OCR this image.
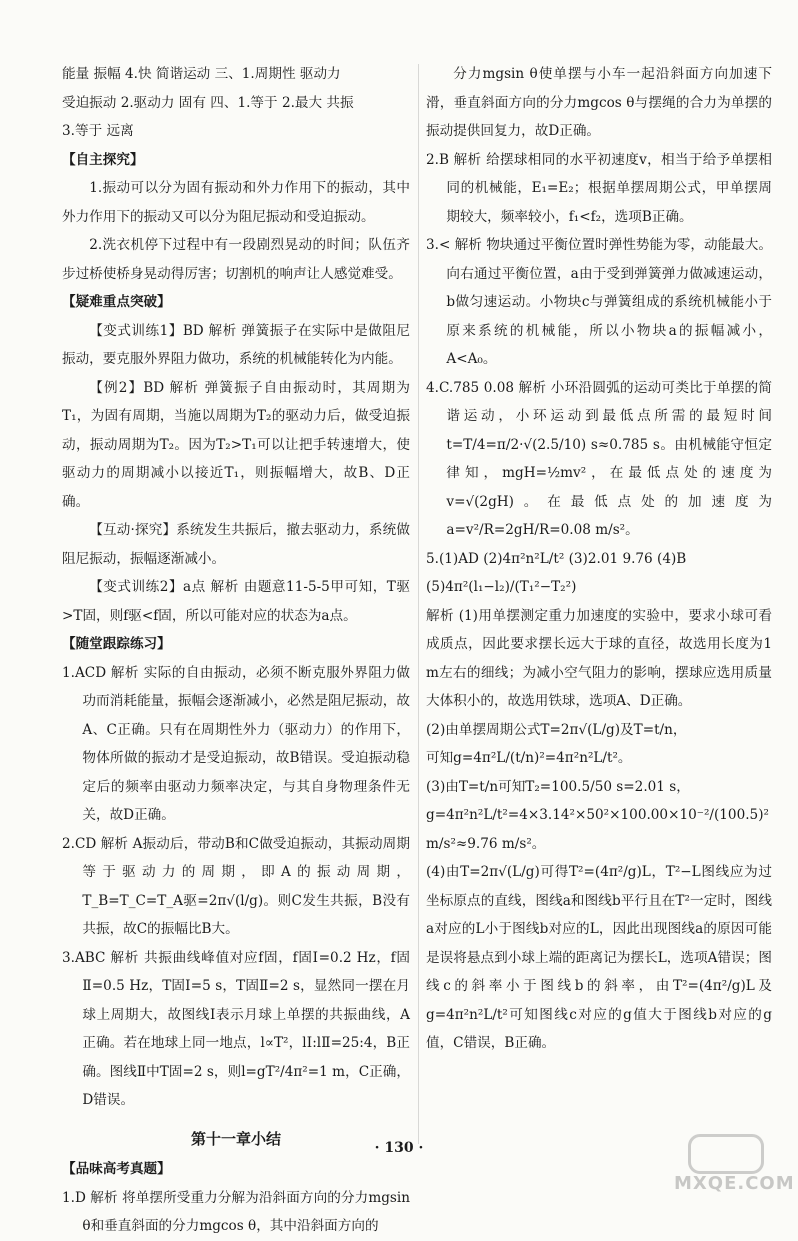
能量 振幅 4.快 简谐运动 三、1.周期性 驱动力

受迫振动 2.驱动力 固有 四、1.等于 2.最大 共振

3.等于 远离

【自主探究】

1.振动可以分为固有振动和外力作用下的振动，其中外力作用下的振动又可以分为阻尼振动和受迫振动。

2.洗衣机停下过程中有一段剧烈晃动的时间；队伍齐步过桥使桥身晃动得厉害；切割机的响声让人感觉难受。

【疑难重点突破】

【变式训练1】BD 解析 弹簧振子在实际中是做阻尼振动，要克服外界阻力做功，系统的机械能转化为内能。

【例2】BD 解析 弹簧振子自由振动时，其周期为T₁，为固有周期，当施以周期为T₂的驱动力后，做受迫振动，振动周期为T₂。因为T₂>T₁可以让把手转速增大，使驱动力的周期减小以接近T₁，则振幅增大，故B、D正确。

【互动·探究】系统发生共振后，撤去驱动力，系统做阻尼振动，振幅逐渐减小。

【变式训练2】a点 解析 由题意11-5-5甲可知，T驱>T固，则f驱<f固，所以可能对应的状态为a点。

【随堂跟踪练习】

1.ACD 解析 实际的自由振动，必须不断克服外界阻力做功而消耗能量，振幅会逐渐减小，必然是阻尼振动，故A、C正确。只有在周期性外力（驱动力）的作用下，物体所做的振动才是受迫振动，故B错误。受迫振动稳定后的频率由驱动力频率决定，与其自身物理条件无关，故D正确。

2.CD 解析 A振动后，带动B和C做受迫振动，其振动周期等于驱动力的周期，即A的振动周期，T_B=T_C=T_A驱=2π√(l/g)。则C发生共振，B没有共振，故C的振幅比B大。

3.ABC 解析 共振曲线峰值对应f固，f固Ⅰ=0.2 Hz，f固Ⅱ=0.5 Hz，T固Ⅰ=5 s，T固Ⅱ=2 s，显然同一摆在月球上周期大，故图线Ⅰ表示月球上单摆的共振曲线，A正确。若在地球上同一地点，l∝T²，lⅠ:lⅡ=25:4，B正确。图线Ⅱ中T固=2 s，则l=gT²/4π²=1 m，C正确，D错误。

第十一章小结

【品味高考真题】

1.D 解析 将单摆所受重力分解为沿斜面方向的分力mgsin θ和垂直斜面的分力mgcos θ，其中沿斜面方向的

分力mgsin θ使单摆与小车一起沿斜面方向加速下滑，垂直斜面方向的分力mgcos θ与摆绳的合力为单摆的振动提供回复力，故D正确。

2.B 解析 给摆球相同的水平初速度v，相当于给予单摆相同的机械能，E₁=E₂；根据单摆周期公式，甲单摆周期较大，频率较小，f₁<f₂，选项B正确。

3.< 解析 物块通过平衡位置时弹性势能为零，动能最大。向右通过平衡位置，a由于受到弹簧弹力做减速运动，b做匀速运动。小物块c与弹簧组成的系统机械能小于原来系统的机械能，所以小物块a的振幅减小，A<A₀。

4.C.785 0.08 解析 小环沿圆弧的运动可类比于单摆的简谐运动，小环运动到最低点所需的最短时间t=T/4=π/2·√(2.5/10) s≈0.785 s。由机械能守恒定律知，mgH=½mv²，在最低点处的速度为v=√(2gH)。在最低点处的加速度为a=v²/R=2gH/R=0.08 m/s²。

5.(1)AD (2)4π²n²L/t² (3)2.01 9.76 (4)B

(5)4π²(l₁−l₂)/(T₁²−T₂²)

解析 (1)用单摆测定重力加速度的实验中，要求小球可看成质点，因此要求摆长远大于球的直径，故选用长度为1 m左右的细线；为减小空气阻力的影响，摆球应选用质量大体积小的，故选用铁球，选项A、D正确。

(2)由单摆周期公式T=2π√(L/g)及T=t/n，

可知g=4π²L/(t/n)²=4π²n²L/t²。

(3)由T=t/n可知T₂=100.5/50 s=2.01 s，

g=4π²n²L/t²=4×3.14²×50²×100.00×10⁻²/(100.5)² m/s²≈9.76 m/s²。

(4)由T=2π√(L/g)可得T²=(4π²/g)L，T²−L图线应为过坐标原点的直线，图线a和图线b平行且在T²一定时，图线a对应的L小于图线b对应的L，因此出现图线a的原因可能是误将悬点到小球上端的距离记为摆长L，选项A错误；图线c的斜率小于图线b的斜率，由T²=(4π²/g)L及g=4π²n²L/t²可知图线c对应的g值大于图线b对应的g值，C错误，B正确。

· 130 ·
MXQE.COM
